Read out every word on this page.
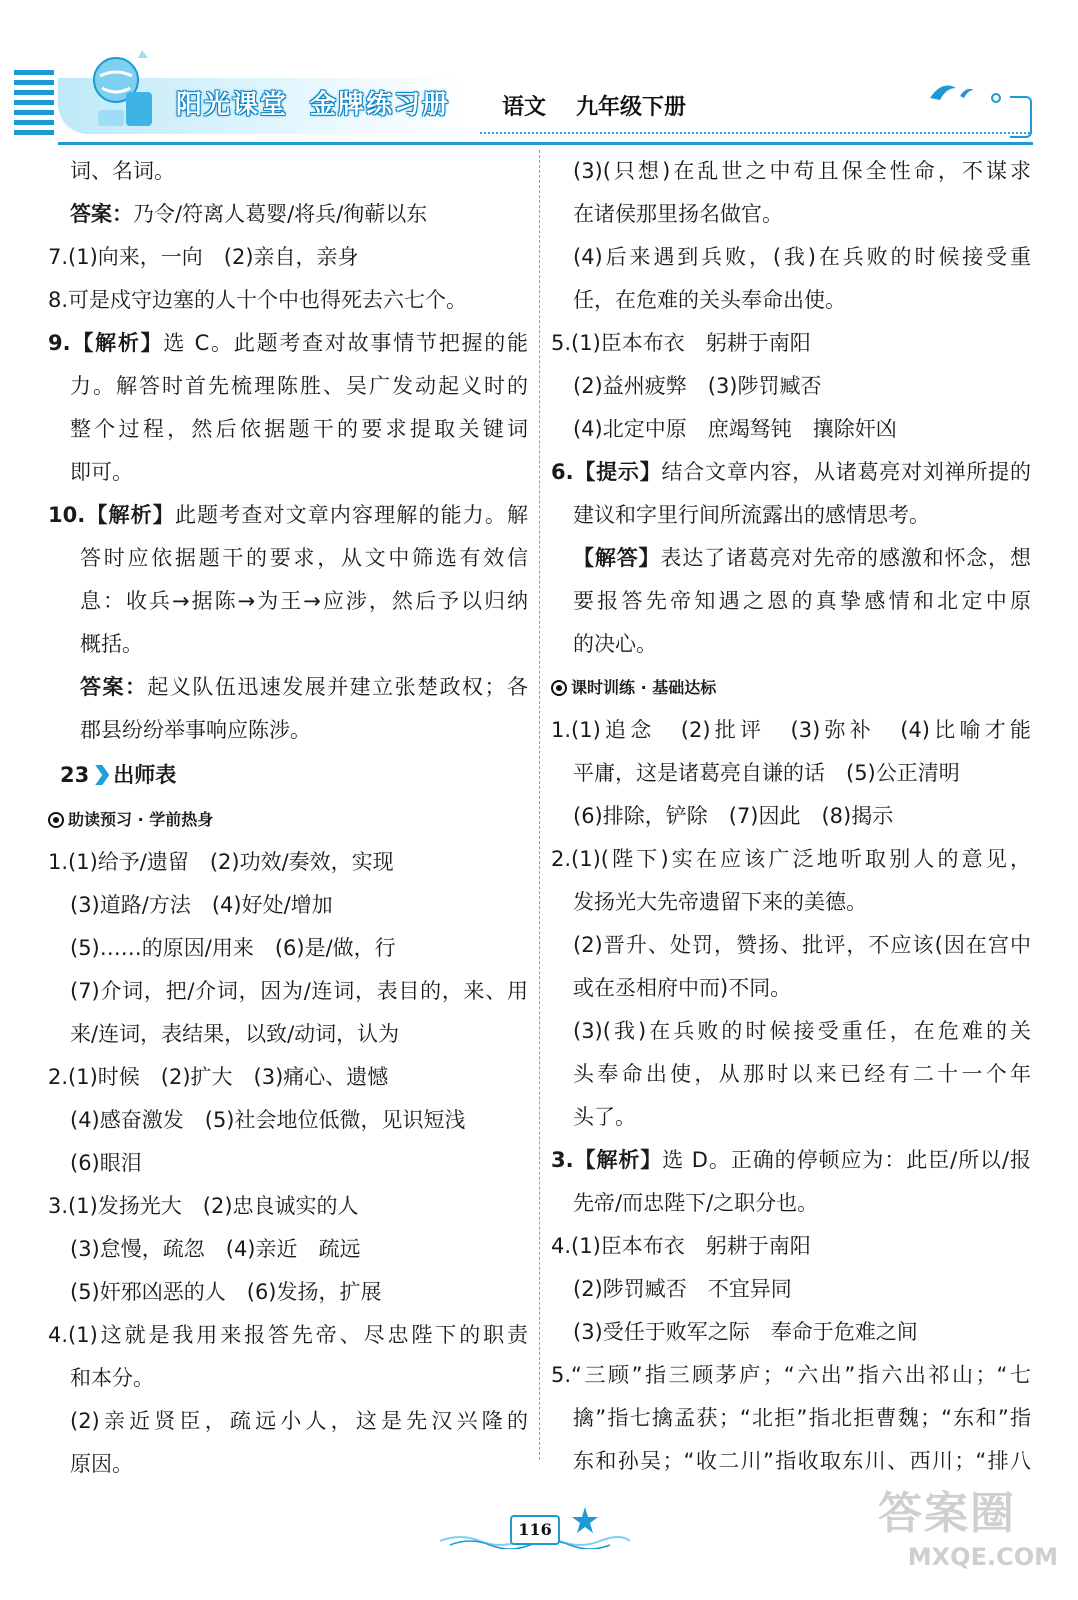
阳光课堂 金牌练习册 语文 九年级下册
词、名词。
答案：乃令/符离人葛婴/将兵/徇蕲以东
7.(1)向来，一向　(2)亲自，亲身
8.可是戍守边塞的人十个中也得死去六七个。
9.【解析】选 C。此题考查对故事情节把握的能
力。解答时首先梳理陈胜、吴广发动起义时的
整个过程，然后依据题干的要求提取关键词
即可。
10.【解析】此题考查对文章内容理解的能力。解
答时应依据题干的要求，从文中筛选有效信
息：收兵→据陈→为王→应涉，然后予以归纳
概括。
答案：起义队伍迅速发展并建立张楚政权；各
郡县纷纷举事响应陈涉。
23 出师表
助读预习 · 学前热身
1.(1)给予/遗留　(2)功效/奏效，实现
(3)道路/方法　(4)好处/增加
(5)……的原因/用来　(6)是/做，行
(7)介词，把/介词，因为/连词，表目的，来、用
来/连词，表结果，以致/动词，认为
2.(1)时候　(2)扩大　(3)痛心、遗憾
(4)感奋激发　(5)社会地位低微，见识短浅
(6)眼泪
3.(1)发扬光大　(2)忠良诚实的人
(3)怠慢，疏忽　(4)亲近　疏远
(5)奸邪凶恶的人　(6)发扬，扩展
4.(1)这就是我用来报答先帝、尽忠陛下的职责
和本分。
(2)亲近贤臣，疏远小人，这是先汉兴隆的
原因。
(3)(只想)在乱世之中苟且保全性命，不谋求
在诸侯那里扬名做官。
(4)后来遇到兵败，(我)在兵败的时候接受重
任，在危难的关头奉命出使。
5.(1)臣本布衣　躬耕于南阳
(2)益州疲弊　(3)陟罚臧否
(4)北定中原　庶竭驽钝　攘除奸凶
6.【提示】结合文章内容，从诸葛亮对刘禅所提的
建议和字里行间所流露出的感情思考。
【解答】表达了诸葛亮对先帝的感激和怀念，想
要报答先帝知遇之恩的真挚感情和北定中原
的决心。
课时训练 · 基础达标
1.(1)追念　(2)批评　(3)弥补　(4)比喻才能
平庸，这是诸葛亮自谦的话　(5)公正清明
(6)排除，铲除　(7)因此　(8)揭示
2.(1)(陛下)实在应该广泛地听取别人的意见，
发扬光大先帝遗留下来的美德。
(2)晋升、处罚，赞扬、批评，不应该(因在宫中
或在丞相府中而)不同。
(3)(我)在兵败的时候接受重任，在危难的关
头奉命出使，从那时以来已经有二十一个年
头了。
3.【解析】选 D。正确的停顿应为：此臣/所以/报
先帝/而忠陛下/之职分也。
4.(1)臣本布衣　躬耕于南阳
(2)陟罚臧否　不宜异同
(3)受任于败军之际　奉命于危难之间
5.“三顾”指三顾茅庐；“六出”指六出祁山；“七
擒”指七擒孟获；“北拒”指北拒曹魏；“东和”指
东和孙吴；“收二川”指收取东川、西川；“排八
116	答案圈
MXQE.COM
